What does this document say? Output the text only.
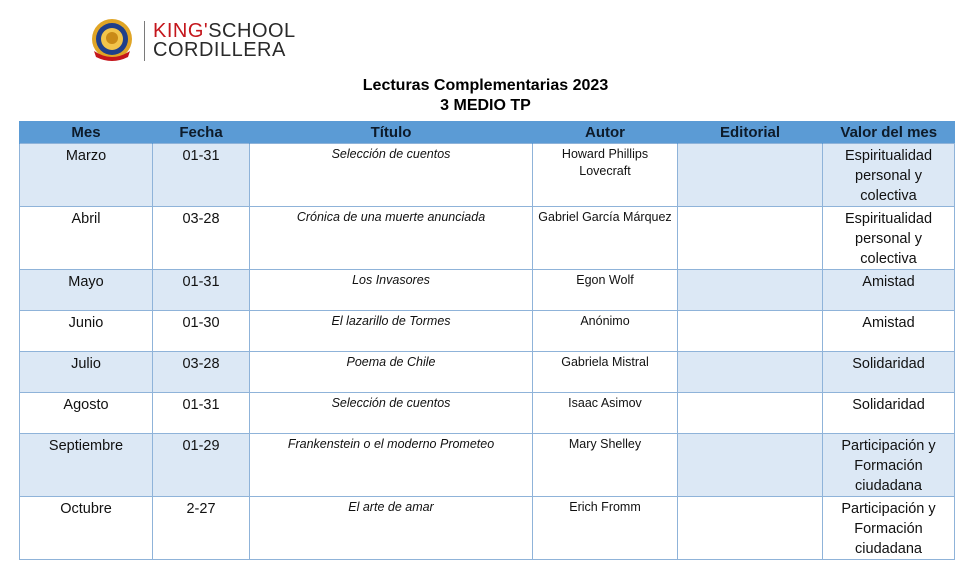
KING'SCHOOL
CORDILLERA
Lecturas Complementarias 2023
3 MEDIO TP
Mes	Fecha	Título	Autor	Editorial	Valor del mes
Marzo	01-31	Selección de cuentos	Howard Phillips Lovecraft		Espiritualidad personal y colectiva
Abril	03-28	Crónica de una muerte anunciada	Gabriel García Márquez		Espiritualidad personal y colectiva
Mayo	01-31	Los Invasores	Egon Wolf		Amistad
Junio	01-30	El lazarillo de Tormes	Anónimo		Amistad
Julio	03-28	Poema de Chile	Gabriela Mistral		Solidaridad
Agosto	01-31	Selección de cuentos	Isaac Asimov		Solidaridad
Septiembre	01-29	Frankenstein o el moderno Prometeo	Mary Shelley		Participación y Formación ciudadana
Octubre	2-27	El arte de amar	Erich Fromm		Participación y Formación ciudadana
